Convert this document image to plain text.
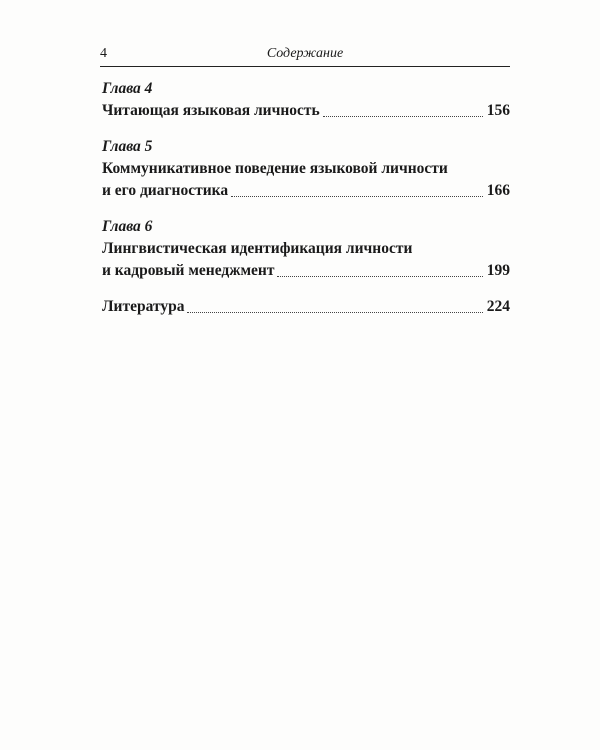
4	Содержание
Глава 4
Читающая языковая личность	156
Глава 5
Коммуникативное поведение языковой личности
и его диагностика	166
Глава 6
Лингвистическая идентификация личности
и кадровый менеджмент	199
Литература	224
